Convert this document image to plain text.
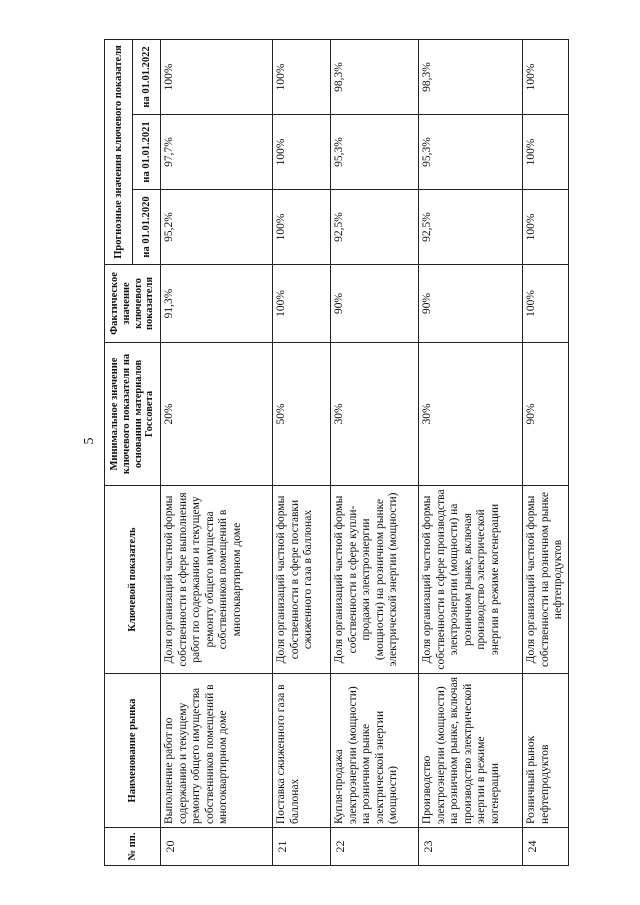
5
№ пп.	Наименование рынка	Ключевой показатель	Минимальное значение ключевого показателя на основании материалов Госсовета	Фактическое значение ключевого показателя	Прогнозные значения ключевого показателя		
					на 01.01.2020	на 01.01.2021	на 01.01.2022
20	Выполнение работ по содержанию и текущему ремонту общего имущества собственников помещений в многоквартирном доме	Доля организаций частной формы собственности в сфере выполнения работ по содержанию и текущему ремонту общего имущества собственников помещений в многоквартирном доме	20%	91,3%	95,2%	97,7%	100%
21	Поставка сжиженного газа в баллонах	Доля организаций частной формы собственности в сфере поставки сжиженного газа в баллонах	50%	100%	100%	100%	100%
22	Купля-продажа электроэнергии (мощности) на розничном рынке электрической энергии (мощности)	Доля организаций частной формы собственности в сфере купли-продажи электроэнергии (мощности) на розничном рынке электрической энергии (мощности)	30%	90%	92,5%	95,3%	98,3%
23	Производство электроэнергии (мощности) на розничном рынке, включая производство электрической энергии в режиме когенерации	Доля организаций частной формы собственности в сфере производства электроэнергии (мощности) на розничном рынке, включая производство электрической энергии в режиме когенерации	30%	90%	92,5%	95,3%	98,3%
24	Розничный рынок нефтепродуктов	Доля организаций частной формы собственности на розничном рынке нефтепродуктов	90%	100%	100%	100%	100%
